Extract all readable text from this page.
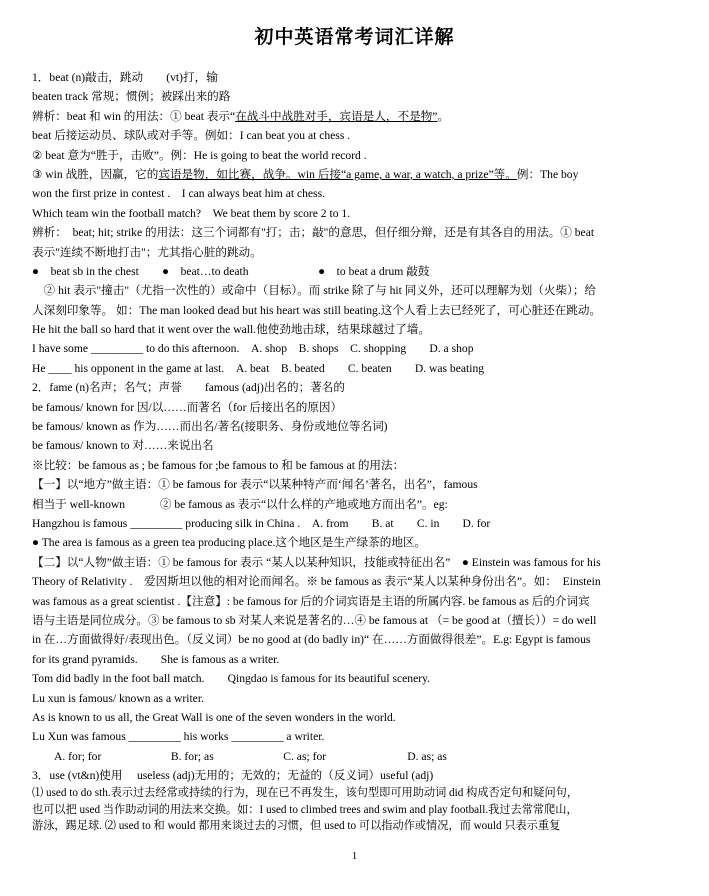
初中英语常考词汇详解
1．beat (n)敲击，跳动　　(vt)打，输
beaten track 常规；惯例；被踩出来的路
辨析：beat 和 win 的用法：① beat 表示“在战斗中战胜对手，宾语是人，不是物”。
beat 后接运动员、球队或对手等。例如：I can beat you at chess .
② beat 意为“胜于，击败”。例：He is going to beat the world record .
③ win 战胜，因赢，它的宾语是物，如比赛，战争。win 后接“a game, a war, a watch, a prize”等。例：The boy
won the first prize in contest .　I can always beat him at chess.
Which team win the football match?　We beat them by score 2 to 1.
辨析：　beat; hit; strike 的用法：这三个词都有"打；击；敲"的意思，但仔细分辩，还是有其各自的用法。① beat
表示"连续不断地打击"；尤其指心脏的跳动。
●　beat sb in the chest　　●　beat…to death　　　　　　●　to beat a drum 敲鼓
　② hit 表示"撞击"（尤指一次性的）或命中（目标）。而 strike 除了与 hit 同义外，还可以理解为划（火柴）；给
人深刻印象等。 如：The man looked dead but his heart was still beating.这个人看上去已经死了，可心脏还在跳动。
He hit the ball so hard that it went over the wall.他使劲地击球，结果球越过了墙。
I have some _________ to do this afternoon.　A. shop　B. shops　C. shopping　　D. a shop
He ____ his opponent in the game at last.　A. beat　B. beated　　C. beaten　　D. was beating
2．fame (n)名声；名气；声誉　　famous (adj)出名的；著名的
be famous/ known for 因/以……而著名（for 后接出名的原因）
be famous/ known as 作为……而出名/著名(接职务、身份或地位等名词)
be famous/ known to 对……来说出名
※比较：be famous as ; be famous for ;be famous to 和 be famous at 的用法：
【一】以“地方”做主语：① be famous for 表示“以某种特产而‘闻名’著名，出名”，famous
相当于 well-known　　　② be famous as 表示“以什么样的产地或地方而出名”。eg:
Hangzhou is famous _________ producing silk in China .　A. from　　B. at　　C. in　　D. for
● The area is famous as a green tea producing place.这个地区是生产绿茶的地区。
【二】以“人物”做主语：① be famous for 表示 “某人以某种知识，技能或特征出名”　● Einstein was famous for his
Theory of Relativity .　爱因斯坦以他的相对论而闻名。※ be famous as 表示“某人以某种身份出名”。如：　Einstein
was famous as a great scientist .【注意】: be famous for 后的介词宾语是主语的所属内容. be famous as 后的介词宾
语与主语是同位成分。③ be famous to sb 对某人来说是著名的…④ be famous at （= be good at（擅长））= do well
in 在…方面做得好/表现出色。（反义词）be no good at (do badly in)“ 在……方面做得很差”。E.g: Egypt is famous
for its grand pyramids.　　She is famous as a writer.
Tom did badly in the foot ball match.　　Qingdao is famous for its beautiful scenery.
Lu xun is famous/ known as a writer.
As is known to us all, the Great Wall is one of the seven wonders in the world.
Lu Xun was famous _________ his works _________ a writer.
A. for; for　　　　　　B. for; as　　　　　　C. as; for　　　　　　　D. as; as
3．use (vt&n)使用　 useless (adj)无用的；无效的；无益的（反义词）useful (adj)
⑴ used to do sth.表示过去经常或持续的行为，现在已不再发生，该句型即可用助动词 did 构成否定句和疑问句，
也可以把 used 当作助动词的用法来交换。如：I used to climbed trees and swim and play football.我过去常常爬山，
游泳，踢足球. ⑵ used to 和 would 都用来谈过去的习惯，但 used to 可以指动作或情况，而 would 只表示重复
1
